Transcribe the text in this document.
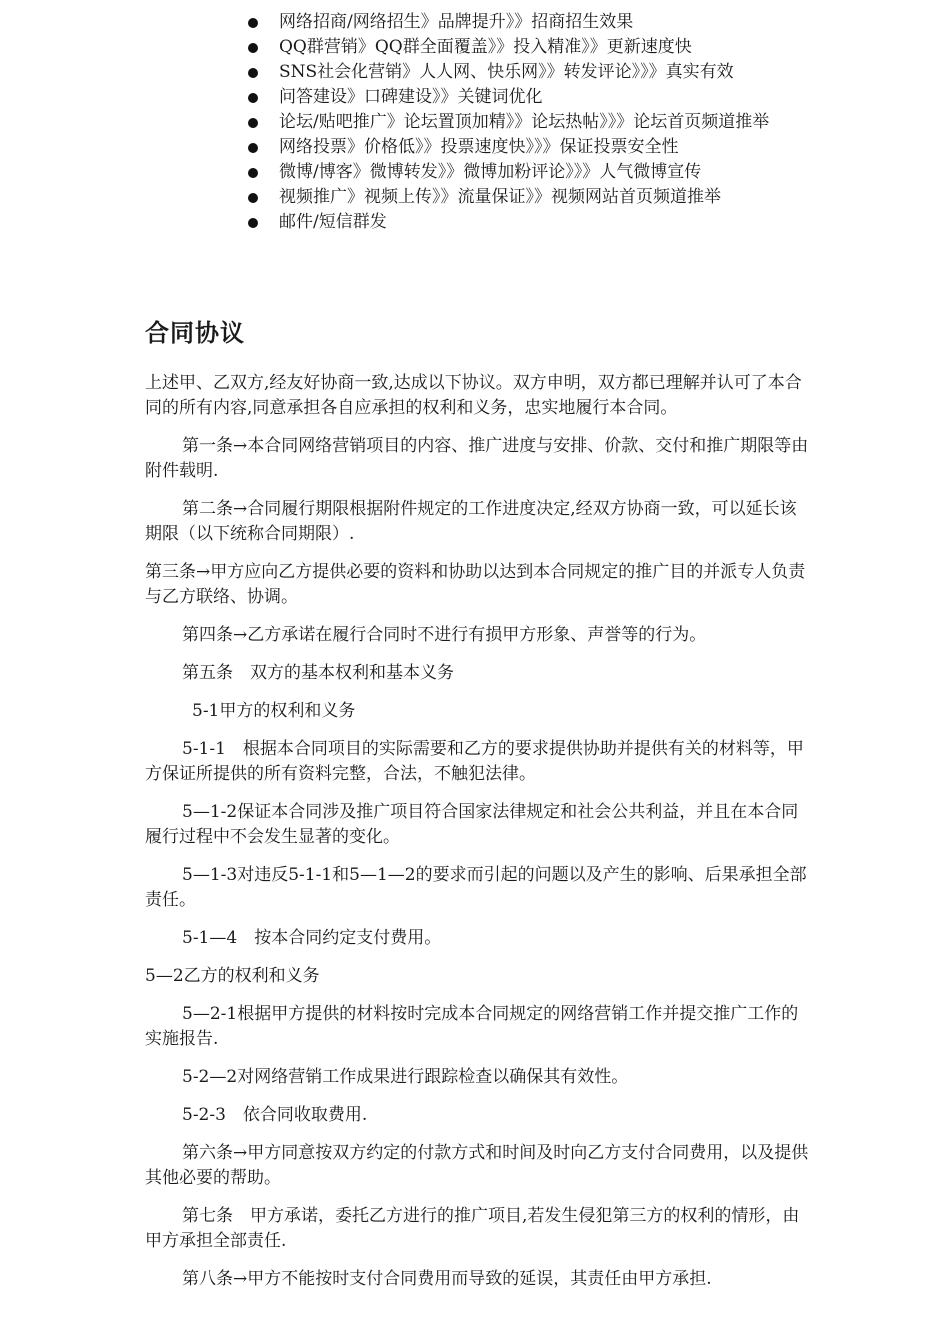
网络招商/网络招生》品牌提升》》招商招生效果
QQ群营销》QQ群全面覆盖》》投入精准》》更新速度快
SNS社会化营销》人人网、快乐网》》转发评论》》》真实有效
问答建设》口碑建设》》关键词优化
论坛/贴吧推广》论坛置顶加精》》论坛热帖》》》论坛首页频道推举
网络投票》价格低》》投票速度快》》》保证投票安全性
微博/博客》微博转发》》微博加粉评论》》》人气微博宣传
视频推广》视频上传》》流量保证》》视频网站首页频道推举
邮件/短信群发
合同协议

上述甲、乙双方,经友好协商一致,达成以下协议。双方申明，双方都已理解并认可了本合同的所有内容,同意承担各自应承担的权利和义务，忠实地履行本合同。

第一条→本合同网络营销项目的内容、推广进度与安排、价款、交付和推广期限等由附件载明.

第二条→合同履行期限根据附件规定的工作进度决定,经双方协商一致，可以延长该期限（以下统称合同期限）.

第三条→甲方应向乙方提供必要的资料和协助以达到本合同规定的推广目的并派专人负责与乙方联络、协调。

第四条→乙方承诺在履行合同时不进行有损甲方形象、声誉等的行为。

第五条　双方的基本权利和基本义务

5-1甲方的权利和义务

5-1-1　根据本合同项目的实际需要和乙方的要求提供协助并提供有关的材料等，甲方保证所提供的所有资料完整，合法，不触犯法律。

5—1-2保证本合同涉及推广项目符合国家法律规定和社会公共利益，并且在本合同履行过程中不会发生显著的变化。

5—1-3对违反5-1-1和5—1—2的要求而引起的问题以及产生的影响、后果承担全部责任。

5-1—4　按本合同约定支付费用。

5—2乙方的权利和义务

5—2-1根据甲方提供的材料按时完成本合同规定的网络营销工作并提交推广工作的实施报告.

5-2—2对网络营销工作成果进行跟踪检查以确保其有效性。

5-2-3　依合同收取费用.

第六条→甲方同意按双方约定的付款方式和时间及时向乙方支付合同费用，以及提供其他必要的帮助。

第七条　甲方承诺，委托乙方进行的推广项目,若发生侵犯第三方的权利的情形，由甲方承担全部责任.

第八条→甲方不能按时支付合同费用而导致的延误，其责任由甲方承担.
